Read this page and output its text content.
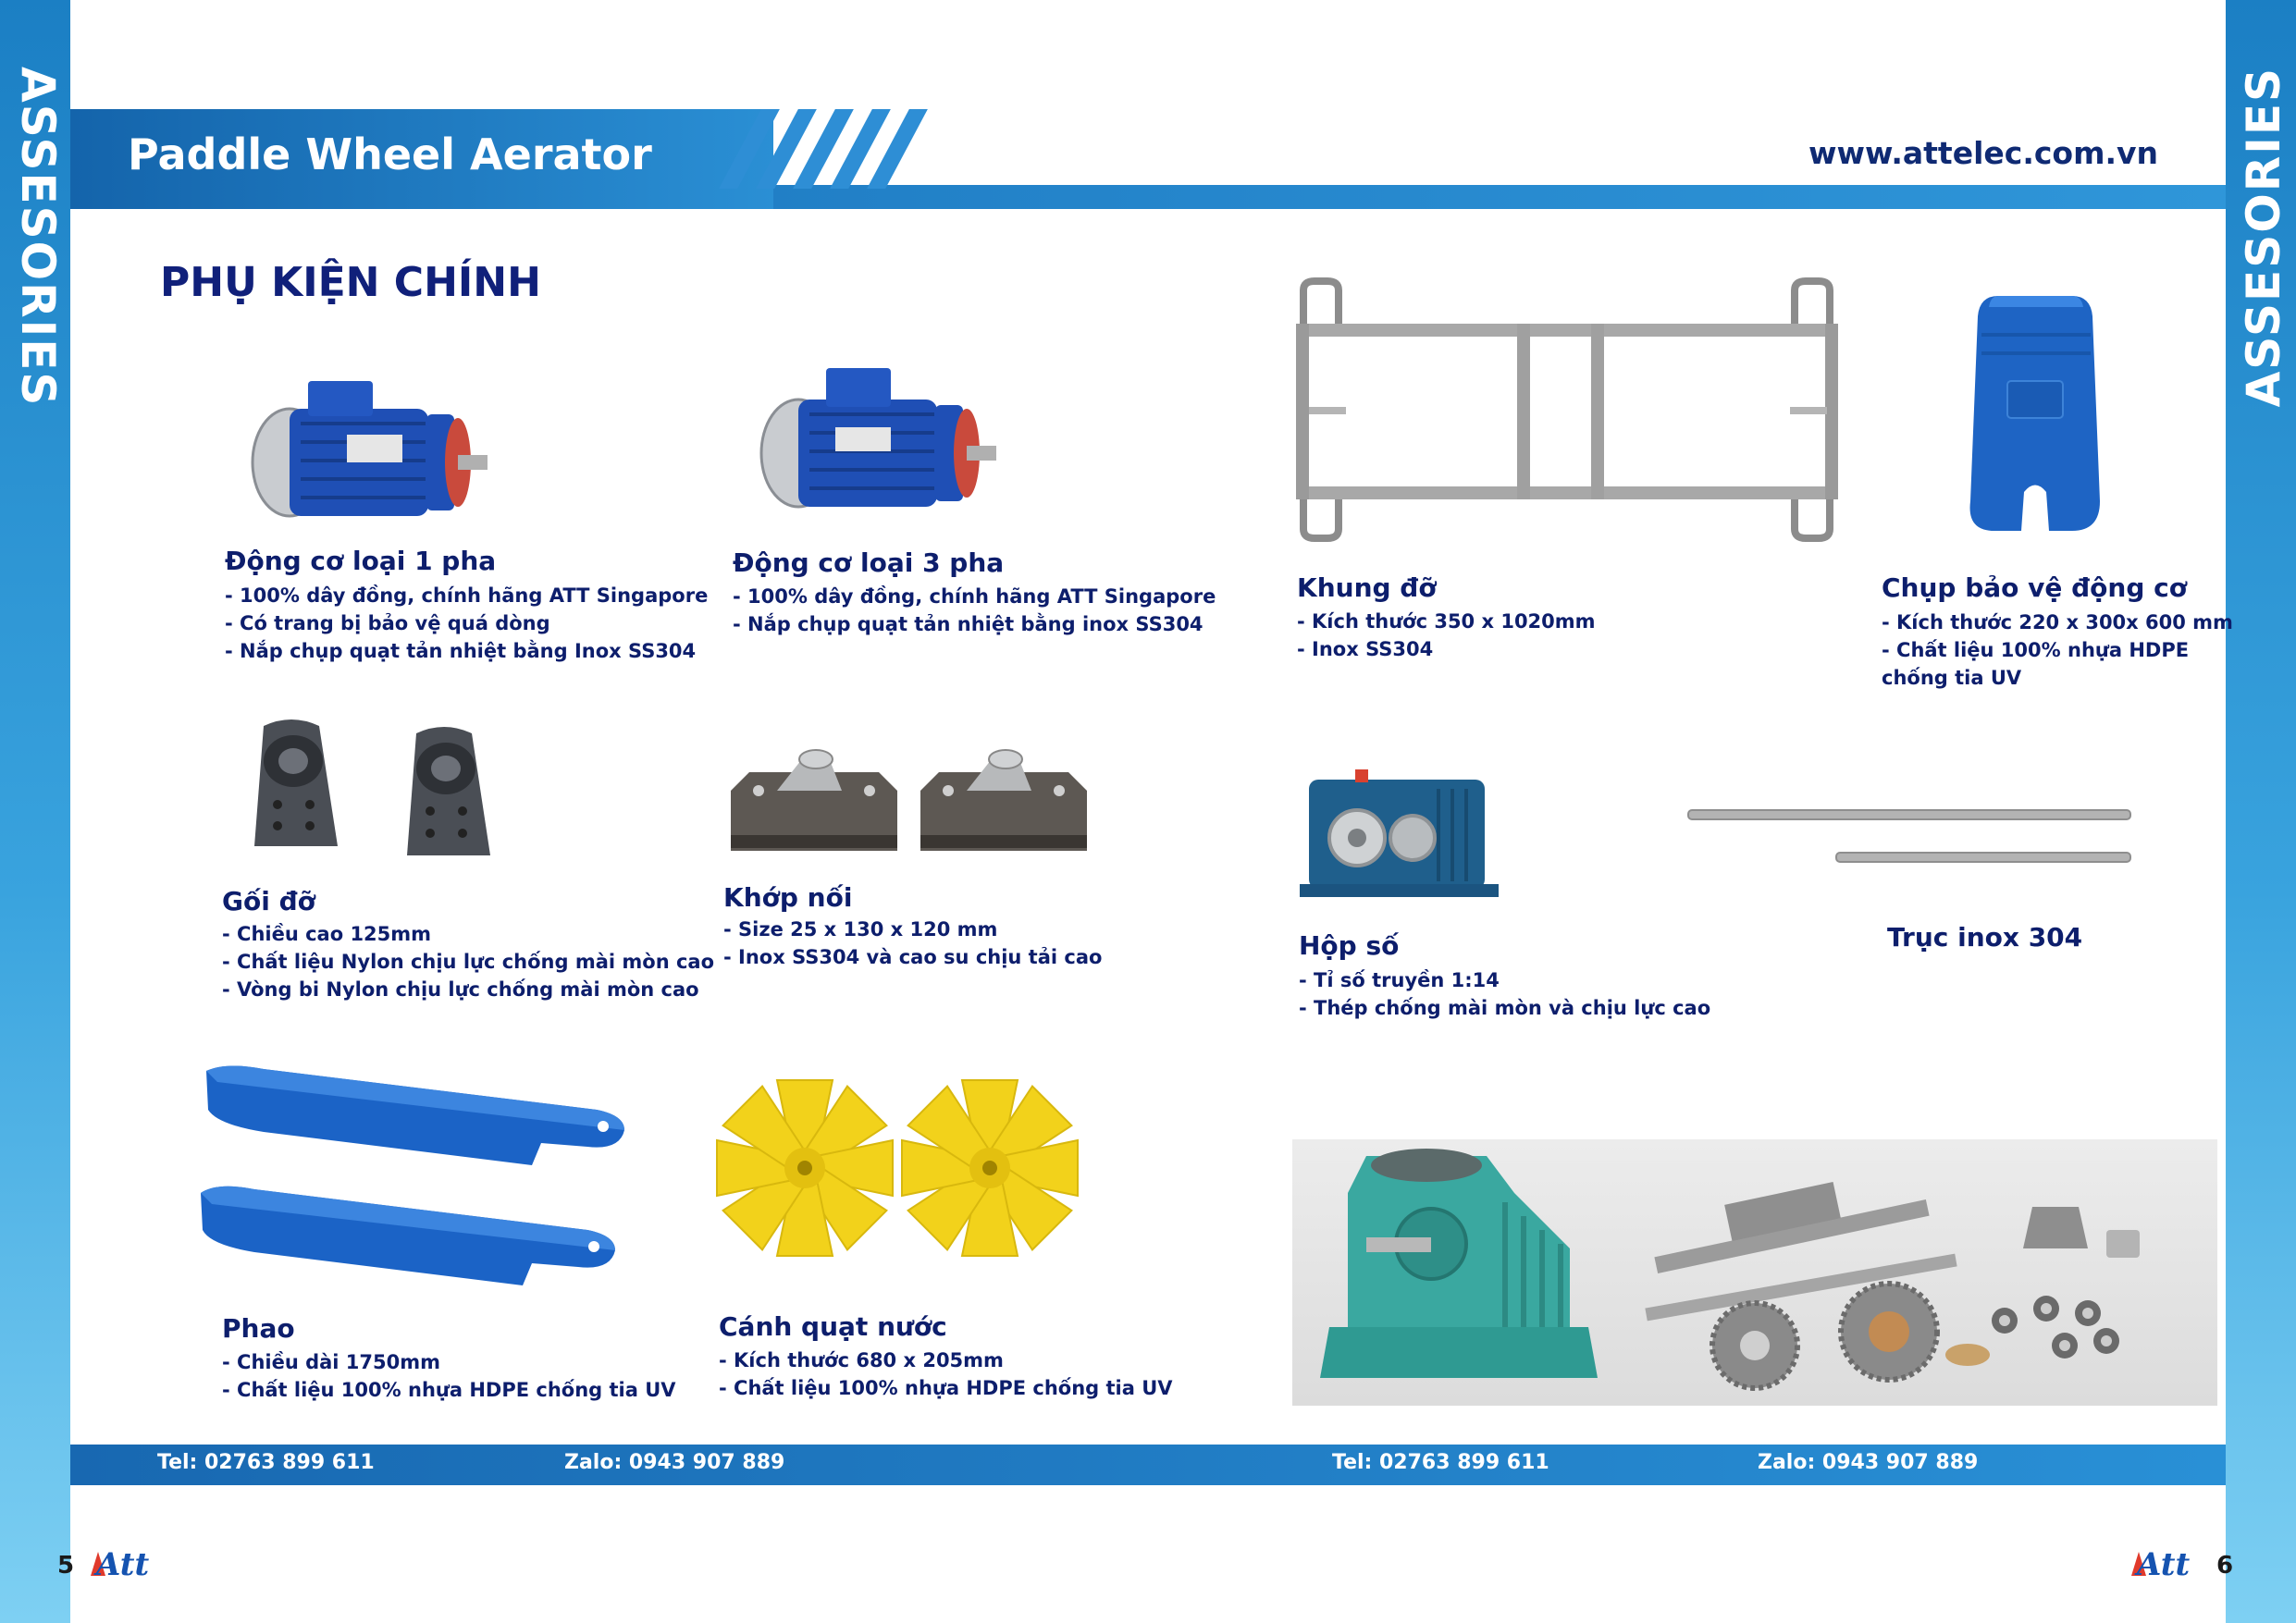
ASSESORIES	ASSESORIES
Paddle Wheel Aerator	www.attelec.com.vn
PHỤ KIỆN CHÍNH
Động cơ loại 1 pha
- 100% dây đồng, chính hãng ATT Singapore
- Có trang bị bảo vệ quá dòng
- Nắp chụp quạt tản nhiệt bằng Inox SS304
Động cơ loại 3 pha
- 100% dây đồng, chính hãng ATT Singapore
- Nắp chụp quạt tản nhiệt bằng inox SS304
Khung đỡ
- Kích thước 350 x 1020mm
- Inox SS304
Chụp bảo vệ động cơ
- Kích thước 220 x 300x 600 mm
- Chất liệu 100% nhựa HDPE
chống tia UV
Gối đỡ
- Chiều cao 125mm
- Chất liệu Nylon chịu lực chống mài mòn cao
- Vòng bi Nylon chịu lực chống mài mòn cao
Khớp nối
- Size 25 x 130 x 120 mm
- Inox SS304 và cao su chịu tải cao	Hộp số
- Tỉ số truyền 1:14
- Thép chống mài mòn và chịu lực cao
Trục inox 304
Phao
- Chiều dài 1750mm
- Chất liệu 100% nhựa HDPE chống tia UV
Cánh quạt nước
- Kích thước 680 x 205mm
- Chất liệu 100% nhựa HDPE chống tia UV
Tel: 02763 899 611	Zalo: 0943 907 889	Tel: 02763 899 611	Zalo: 0943 907 889
5 Att	Att 6
